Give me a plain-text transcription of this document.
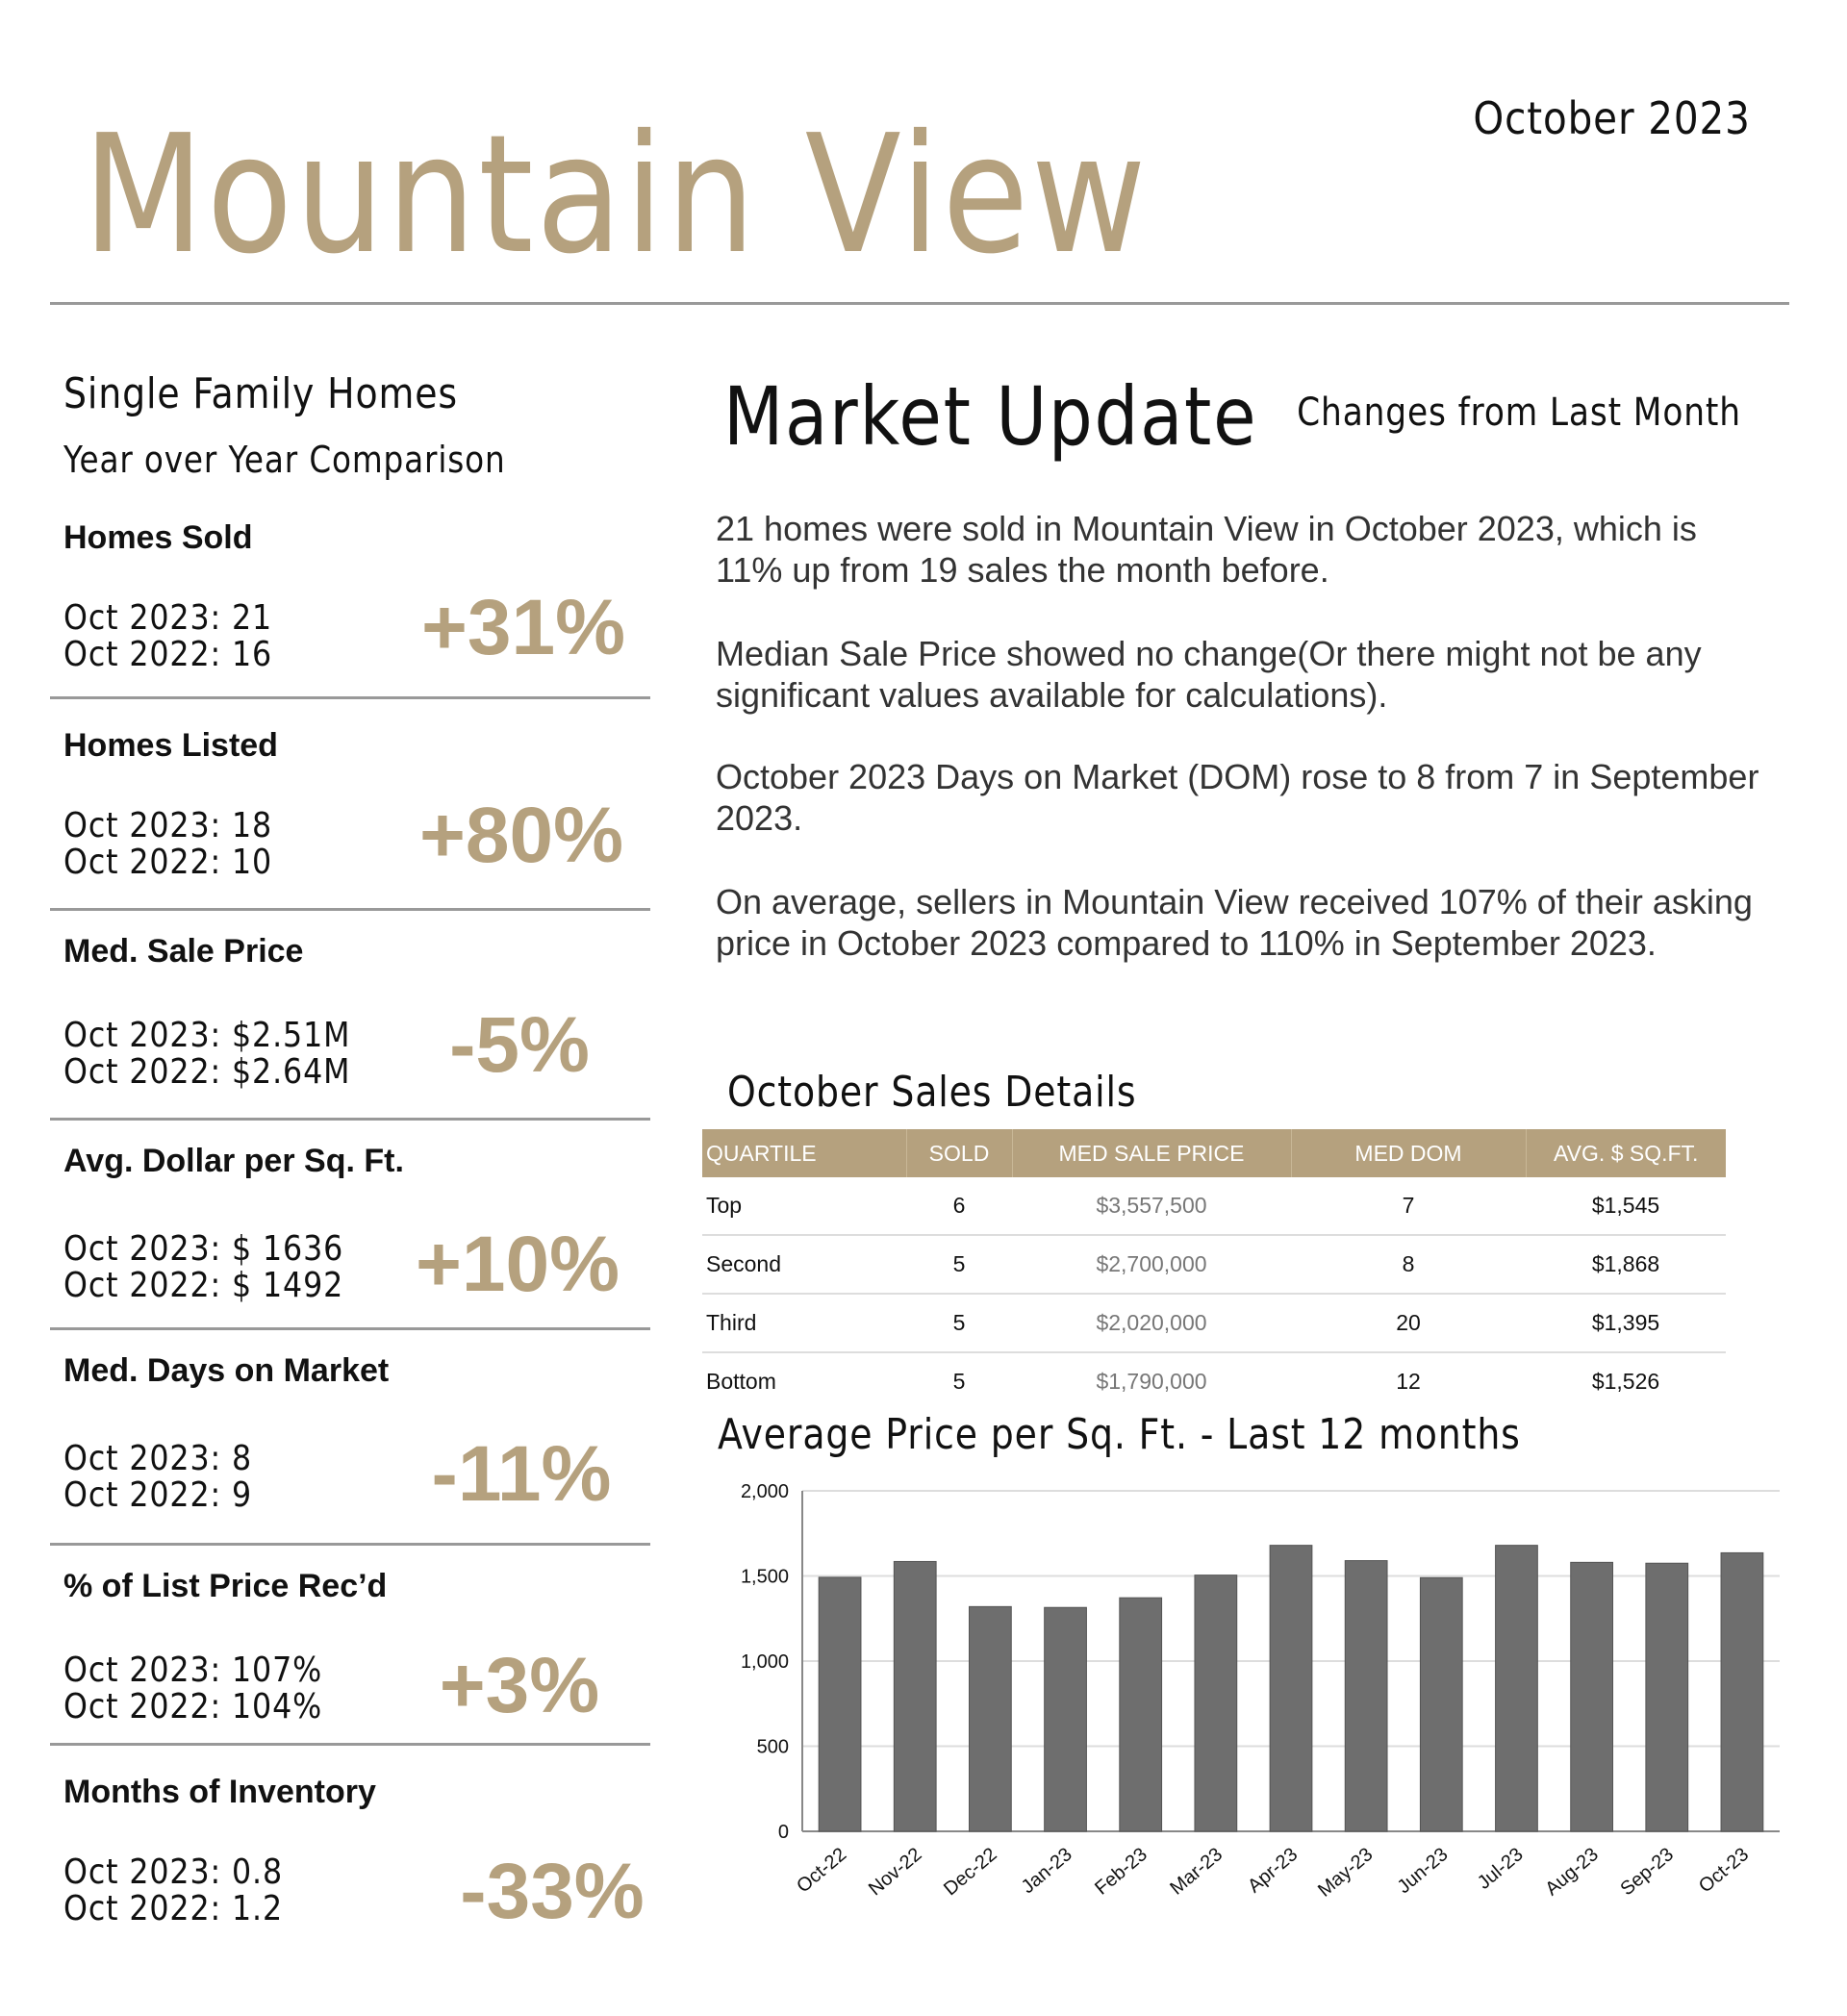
Mountain View	October 2023
Single Family Homes
Year over Year Comparison
Homes Sold
Oct 2023: 21
Oct 2022: 16 +31%
Homes Listed
Oct 2023: 18
Oct 2022: 10 +80%
Med. Sale Price
Oct 2023: $2.51M
Oct 2022: $2.64M	-5%
Avg. Dollar per Sq. Ft.
Oct 2023: $ 1636
Oct 2022: $ 1492 +10%
Med. Days on Market
Oct 2023: 8
Oct 2022: 9	-11%
% of List Price Rec’d
Oct 2023: 107%
Oct 2022: 104%	+3%
Months of Inventory
Oct 2023: 0.8
Oct 2022: 1.2	-33%
Market Update Changes from Last Month
21 homes were sold in Mountain View in October 2023, which is 11% up from 19 sales the month before.
Median Sale Price showed no change(Or there might not be any significant values available for calculations).
October 2023 Days on Market (DOM) rose to 8 from 7 in September 2023.
On average, sellers in Mountain View received 107% of their asking price in October 2023 compared to 110% in September 2023.
October Sales Details
QUARTILE	SOLD	MED SALE PRICE	MED DOM	AVG. $ SQ.FT.
Top	6	$3,557,500	7	$1,545
Second	5	$2,700,000	8	$1,868
Third	5	$2,020,000	20	$1,395
Bottom	5	$1,790,000	12	$1,526
Average Price per Sq. Ft. - Last 12 months
0
500
1,000
1,500
2,000
Oct-22 Nov-22 Dec-22 Jan-23 Feb-23 Mar-23 Apr-23 May-23 Jun-23 Jul-23 Aug-23 Sep-23 Oct-23
